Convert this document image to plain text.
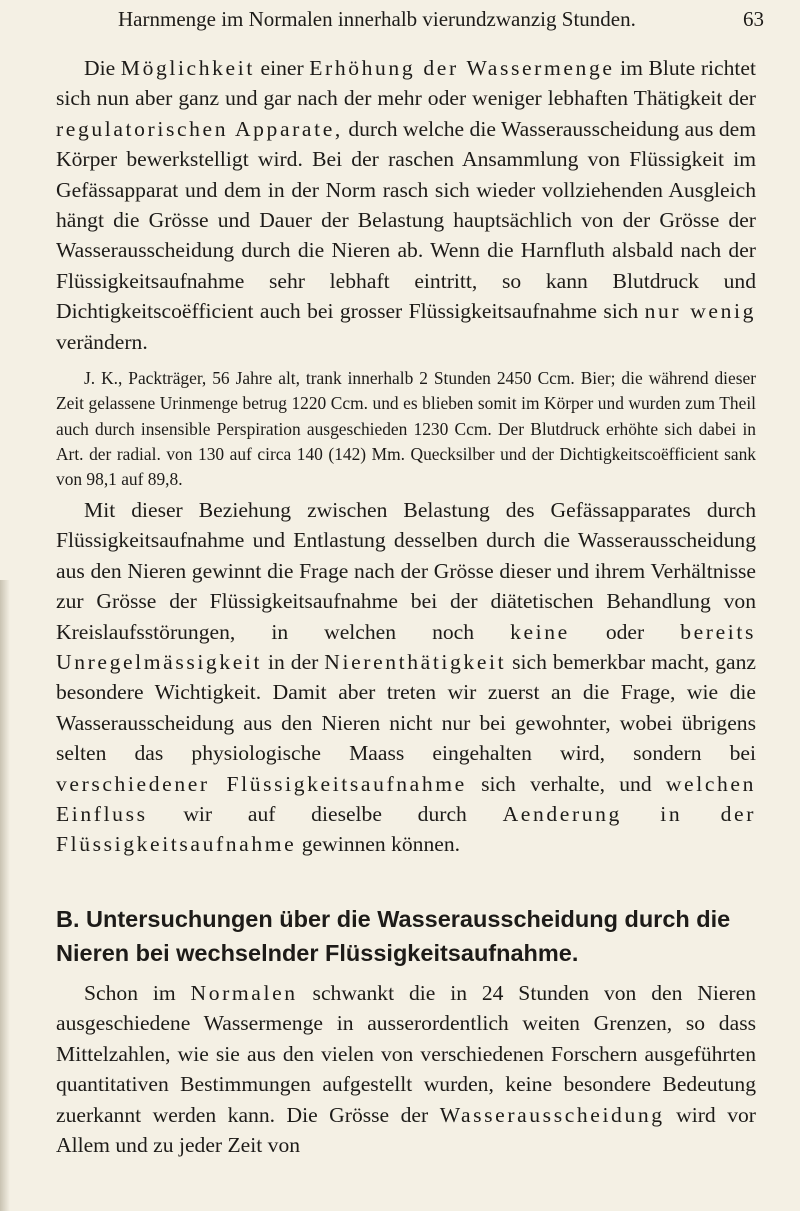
Harnmenge im Normalen innerhalb vierundzwanzig Stunden.	63

Die Möglichkeit einer Erhöhung der Wassermenge im Blute richtet sich nun aber ganz und gar nach der mehr oder weniger lebhaften Thätigkeit der regulatorischen Apparate, durch welche die Wasserausscheidung aus dem Körper bewerkstelligt wird. Bei der raschen Ansammlung von Flüssigkeit im Gefässapparat und dem in der Norm rasch sich wieder vollziehenden Ausgleich hängt die Grösse und Dauer der Belastung hauptsächlich von der Grösse der Wasserausscheidung durch die Nieren ab. Wenn die Harnfluth alsbald nach der Flüssigkeitsaufnahme sehr lebhaft eintritt, so kann Blutdruck und Dichtigkeitscoëfficient auch bei grosser Flüssigkeitsaufnahme sich nur wenig verändern.

J. K., Packträger, 56 Jahre alt, trank innerhalb 2 Stunden 2450 Ccm. Bier; die während dieser Zeit gelassene Urinmenge betrug 1220 Ccm. und es blieben somit im Körper und wurden zum Theil auch durch insensible Perspiration ausgeschieden 1230 Ccm. Der Blutdruck erhöhte sich dabei in Art. der radial. von 130 auf circa 140 (142) Mm. Quecksilber und der Dichtigkeitscoëfficient sank von 98,1 auf 89,8.

Mit dieser Beziehung zwischen Belastung des Gefässapparates durch Flüssigkeitsaufnahme und Entlastung desselben durch die Wasserausscheidung aus den Nieren gewinnt die Frage nach der Grösse dieser und ihrem Verhältnisse zur Grösse der Flüssigkeitsaufnahme bei der diätetischen Behandlung von Kreislaufsstörungen, in welchen noch keine oder bereits Unregelmässigkeit in der Nierenthätigkeit sich bemerkbar macht, ganz besondere Wichtigkeit. Damit aber treten wir zuerst an die Frage, wie die Wasserausscheidung aus den Nieren nicht nur bei gewohnter, wobei übrigens selten das physiologische Maass eingehalten wird, sondern bei verschiedener Flüssigkeitsaufnahme sich verhalte, und welchen Einfluss wir auf dieselbe durch Aenderung in der Flüssigkeitsaufnahme gewinnen können.

B. Untersuchungen über die Wasserausscheidung durch die Nieren bei wechselnder Flüssigkeitsaufnahme.

Schon im Normalen schwankt die in 24 Stunden von den Nieren ausgeschiedene Wassermenge in ausserordentlich weiten Grenzen, so dass Mittelzahlen, wie sie aus den vielen von verschiedenen Forschern ausgeführten quantitativen Bestimmungen aufgestellt wurden, keine besondere Bedeutung zuerkannt werden kann. Die Grösse der Wasserausscheidung wird vor Allem und zu jeder Zeit von
